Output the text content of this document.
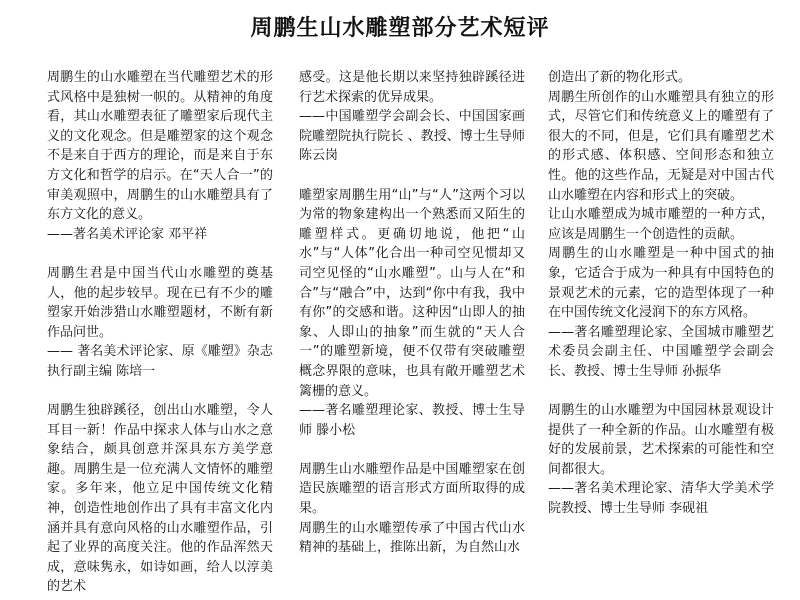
周鹏生山水雕塑部分艺术短评

周鹏生的山水雕塑在当代雕塑艺术的形式风格中是独树一帜的。从精神的角度看，其山水雕塑表征了雕塑家后现代主义的文化观念。但是雕塑家的这个观念不是来自于西方的理论，而是来自于东方文化和哲学的启示。在“天人合一”的审美观照中，周鹏生的山水雕塑具有了东方文化的意义。

——著名美术评论家 邓平祥

周鹏生君是中国当代山水雕塑的奠基人，他的起步较早。现在已有不少的雕塑家开始涉猎山水雕塑题材，不断有新作品问世。

—— 著名美术评论家、原《雕塑》杂志执行副主编 陈培一

周鹏生独辟蹊径，创出山水雕塑，令人耳目一新！作品中探求人体与山水之意象结合，颇具创意并深具东方美学意趣。周鹏生是一位充满人文情怀的雕塑家。多年来，他立足中国传统文化精神，创造性地创作出了具有丰富文化内涵并具有意向风格的山水雕塑作品，引起了业界的高度关注。他的作品浑然天成，意味隽永，如诗如画，给人以淳美的艺术

感受。这是他长期以来坚持独辟蹊径进行艺术探索的优异成果。

——中国雕塑学会副会长、中国国家画院雕塑院执行院长 、教授、博士生导师 陈云岗

雕塑家周鹏生用“山”与“人”这两个习以为常的物象建构出一个熟悉而又陌生的雕塑样式。更确切地说，他把“山水”与“人体”化合出一种司空见惯却又司空见怪的“山水雕塑”。山与人在“和合”与“融合”中，达到“你中有我，我中有你”的交感和谐。这种因“山即人的抽象、人即山的抽象”而生就的“天人合一”的雕塑新境，便不仅带有突破雕塑概念界限的意味，也具有敞开雕塑艺术篱栅的意义。

——著名雕塑理论家、教授、博士生导师 滕小松

周鹏生山水雕塑作品是中国雕塑家在创造民族雕塑的语言形式方面所取得的成果。

周鹏生的山水雕塑传承了中国古代山水精神的基础上，推陈出新，为自然山水

创造出了新的物化形式。

周鹏生所创作的山水雕塑具有独立的形式，尽管它们和传统意义上的雕塑有了很大的不同，但是，它们具有雕塑艺术的形式感、体积感、空间形态和独立性。他的这些作品，无疑是对中国古代山水雕塑在内容和形式上的突破。

让山水雕塑成为城市雕塑的一种方式，应该是周鹏生一个创造性的贡献。

周鹏生的山水雕塑是一种中国式的抽象，它适合于成为一种具有中国特色的景观艺术的元素，它的造型体现了一种在中国传统文化浸润下的东方风格。

——著名雕塑理论家、全国城市雕塑艺术委员会副主任、中国雕塑学会副会长、教授、博士生导师 孙振华

周鹏生的山水雕塑为中国园林景观设计提供了一种全新的作品。山水雕塑有极好的发展前景，艺术探索的可能性和空间都很大。

——著名美术理论家、清华大学美术学院教授、博士生导师 李砚祖
